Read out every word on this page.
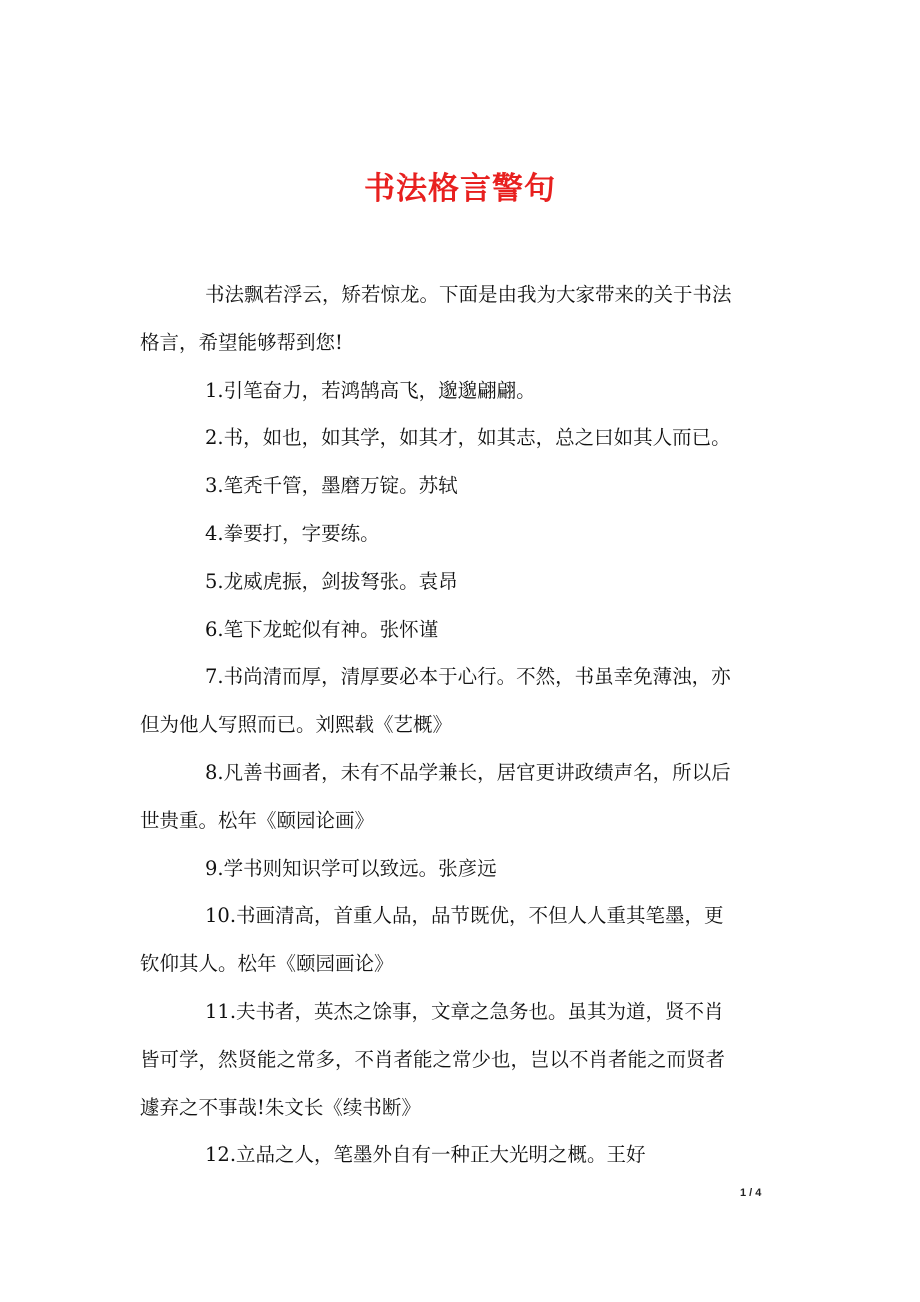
书法格言警句

书法飘若浮云，矫若惊龙。下面是由我为大家带来的关于书法
格言，希望能够帮到您!

1.引笔奋力，若鸿鹄高飞，邈邈翩翩。

2.书，如也，如其学，如其才，如其志，总之曰如其人而已。

3.笔秃千管，墨磨万锭。苏轼

4.拳要打，字要练。

5.龙威虎振，剑拔弩张。袁昂

6.笔下龙蛇似有神。张怀谨

7.书尚清而厚，清厚要必本于心行。不然，书虽幸免薄浊，亦
但为他人写照而已。刘熙载《艺概》

8.凡善书画者，未有不品学兼长，居官更讲政绩声名，所以后
世贵重。松年《颐园论画》

9.学书则知识学可以致远。张彦远

10.书画清高，首重人品，品节既优，不但人人重其笔墨，更
钦仰其人。松年《颐园画论》

11.夫书者，英杰之馀事，文章之急务也。虽其为道，贤不肖
皆可学，然贤能之常多，不肖者能之常少也，岂以不肖者能之而贤者
遽弃之不事哉!朱文长《续书断》

12.立品之人，笔墨外自有一种正大光明之概。王好

1 / 4
